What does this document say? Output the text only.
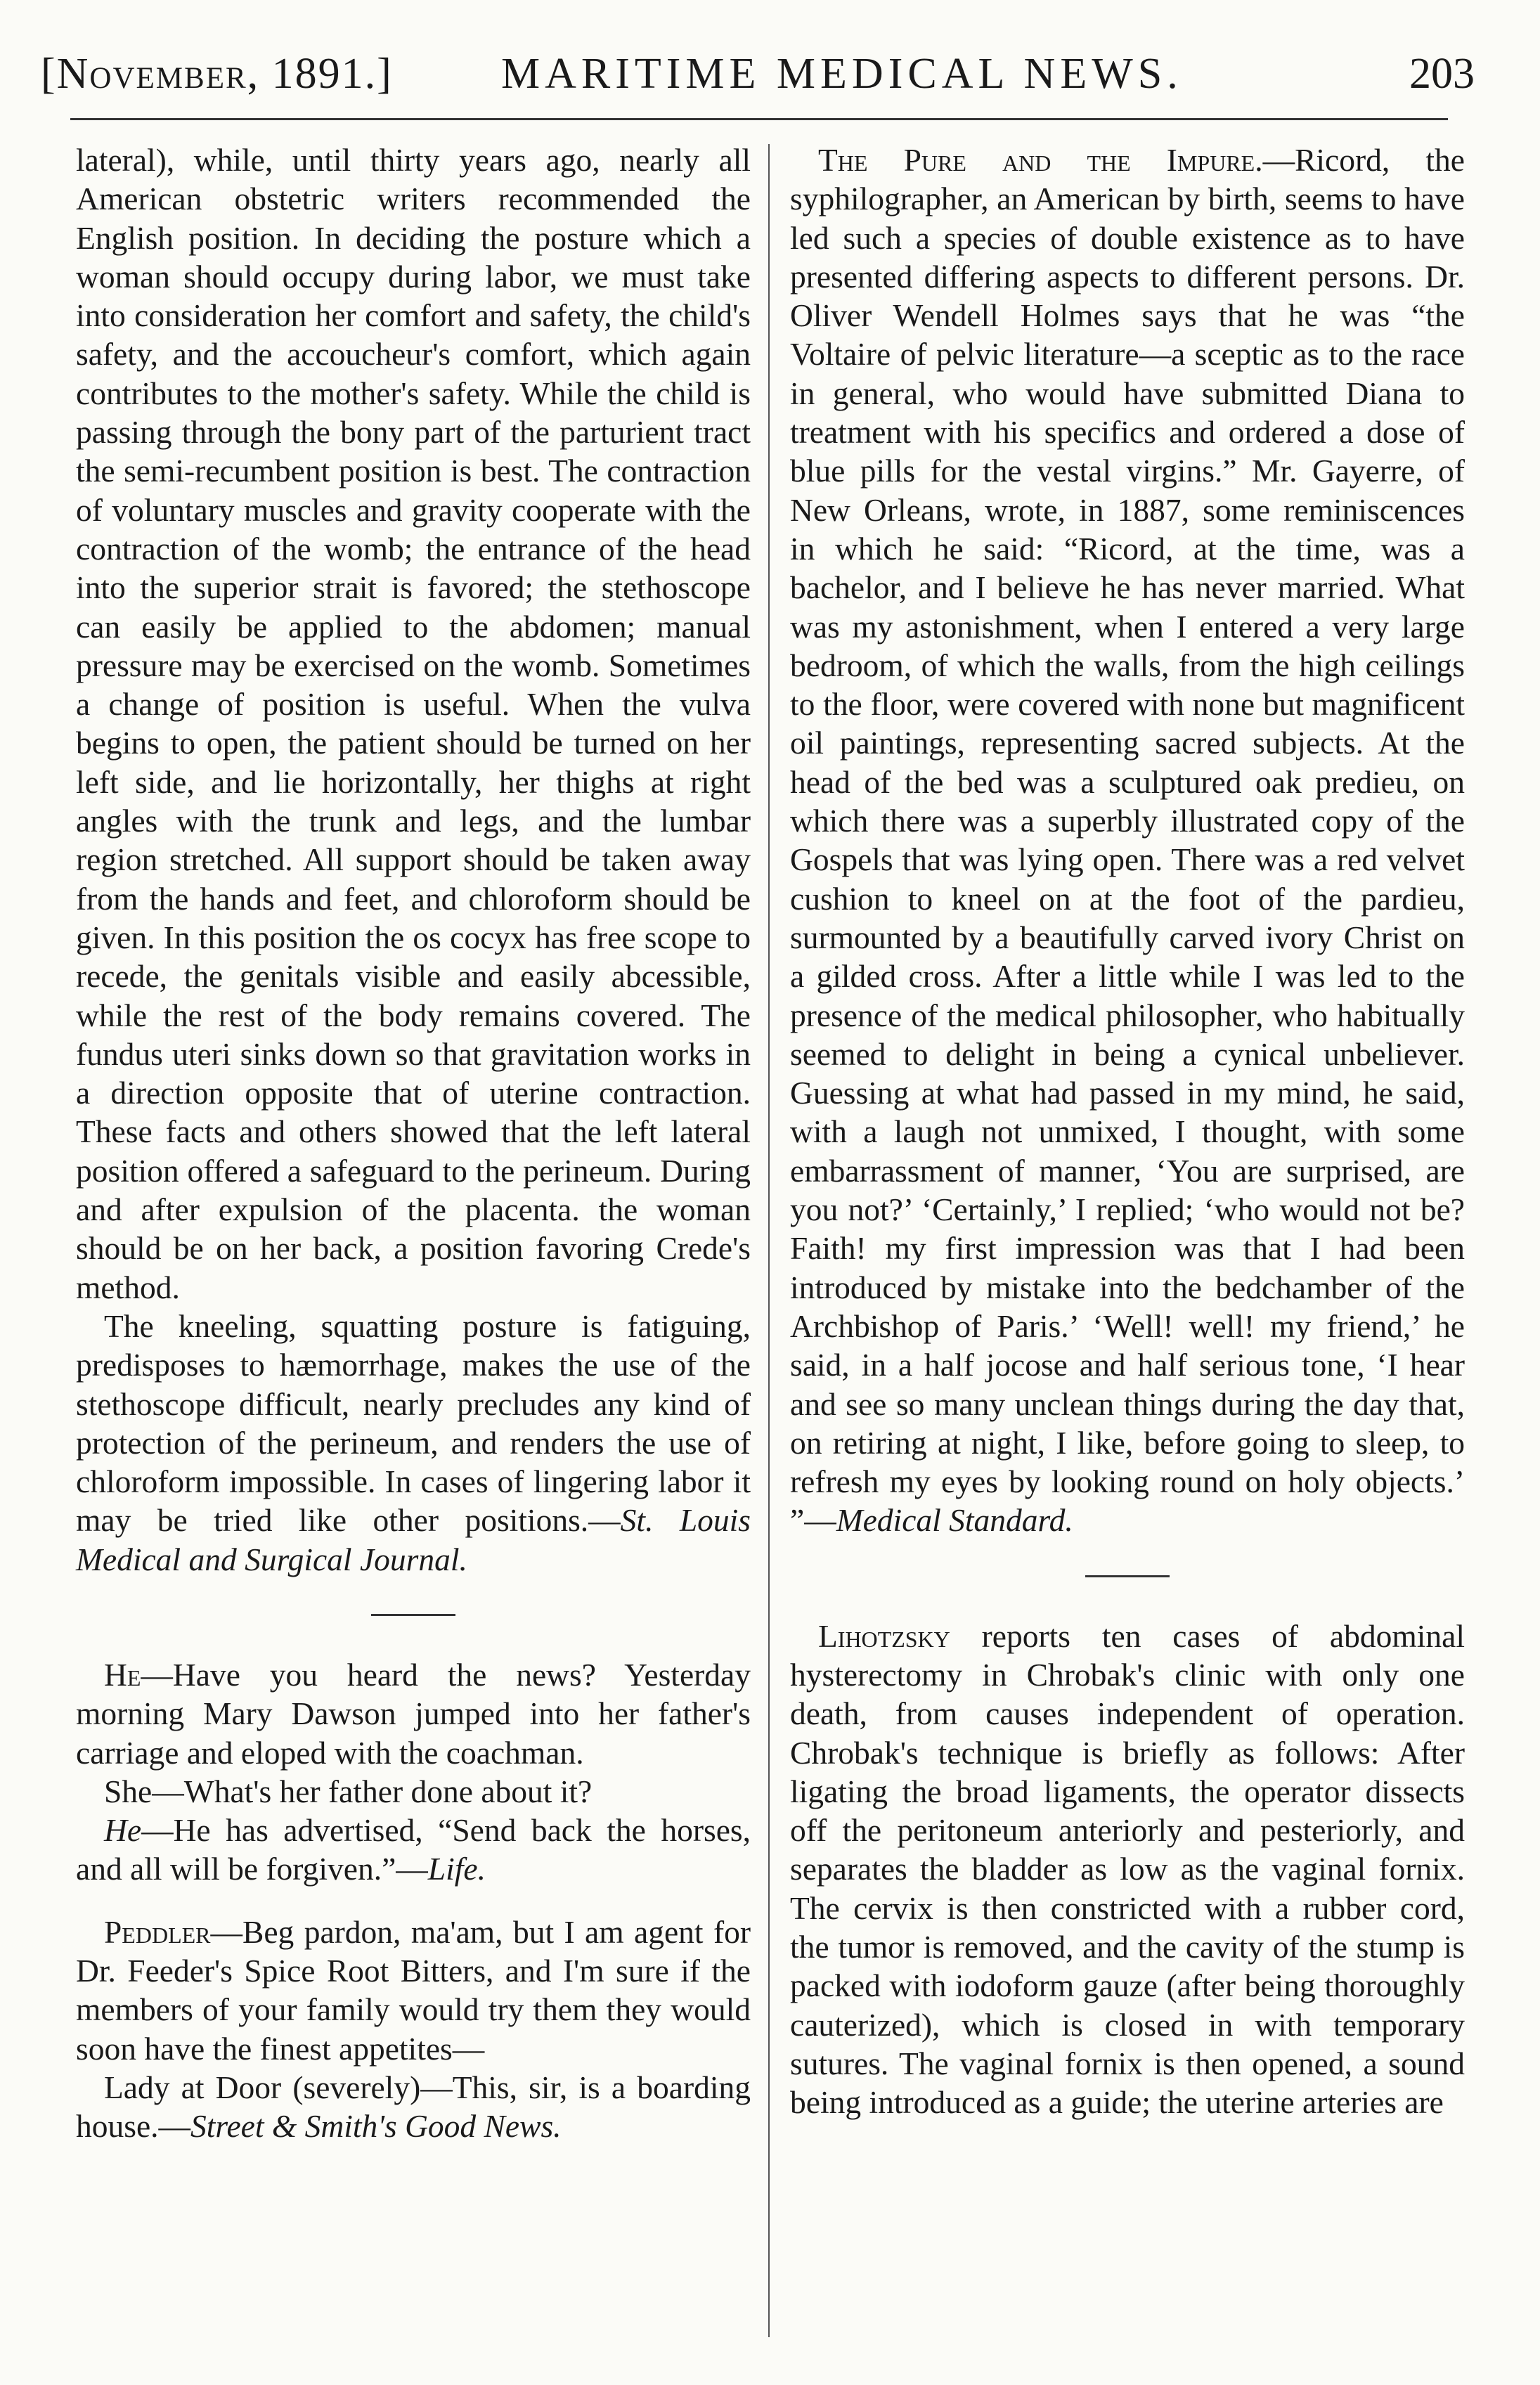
[November, 1891.] MARITIME MEDICAL NEWS.	203

lateral), while, until thirty years ago, nearly all American obstetric writers recommended the English position. In deciding the posture which a woman should occupy during labor, we must take into consideration her comfort and safety, the child's safety, and the accoucheur's comfort, which again contributes to the mother's safety. While the child is passing through the bony part of the parturient tract the semi-recumbent position is best. The contraction of voluntary muscles and gravity cooperate with the contraction of the womb; the entrance of the head into the superior strait is favored; the stethoscope can easily be applied to the abdomen; manual pressure may be exercised on the womb. Sometimes a change of position is useful. When the vulva begins to open, the patient should be turned on her left side, and lie horizontally, her thighs at right angles with the trunk and legs, and the lumbar region stretched. All support should be taken away from the hands and feet, and chloroform should be given. In this position the os cocyx has free scope to recede, the genitals visible and easily abcessible, while the rest of the body remains covered. The fundus uteri sinks down so that gravitation works in a direction opposite that of uterine contraction. These facts and others showed that the left lateral position offered a safeguard to the perineum. During and after expulsion of the placenta. the woman should be on her back, a position favoring Crede's method.

The kneeling, squatting posture is fatiguing, predisposes to hæmorrhage, makes the use of the stethoscope difficult, nearly precludes any kind of protection of the perineum, and renders the use of chloroform impossible. In cases of lingering labor it may be tried like other positions.—St. Louis Medical and Surgical Journal.

He—Have you heard the news? Yesterday morning Mary Dawson jumped into her father's carriage and eloped with the coachman.

She—What's her father done about it?

He—He has advertised, “Send back the horses, and all will be forgiven.”—Life.

Peddler—Beg pardon, ma'am, but I am agent for Dr. Feeder's Spice Root Bitters, and I'm sure if the members of your family would try them they would soon have the finest appetites—

Lady at Door (severely)—This, sir, is a boarding house.—Street & Smith's Good News.

The Pure and the Impure.—Ricord, the syphilographer, an American by birth, seems to have led such a species of double existence as to have presented differing aspects to different persons. Dr. Oliver Wendell Holmes says that he was “the Voltaire of pelvic literature—a sceptic as to the race in general, who would have submitted Diana to treatment with his specifics and ordered a dose of blue pills for the vestal virgins.” Mr. Gayerre, of New Orleans, wrote, in 1887, some reminiscences in which he said: “Ricord, at the time, was a bachelor, and I believe he has never married. What was my astonishment, when I entered a very large bedroom, of which the walls, from the high ceilings to the floor, were covered with none but magnificent oil paintings, representing sacred subjects. At the head of the bed was a sculptured oak prediеu, on which there was a superbly illustrated copy of the Gospels that was lying open. There was a red velvet cushion to kneel on at the foot of the pardieu, surmounted by a beautifully carved ivory Christ on a gilded cross. After a little while I was led to the presence of the medical philosopher, who habitually seemed to delight in being a cynical unbeliever. Guessing at what had passed in my mind, he said, with a laugh not unmixed, I thought, with some embarrassment of manner, ‘You are surprised, are you not?’ ‘Certainly,’ I replied; ‘who would not be? Faith! my first impression was that I had been introduced by mistake into the bedchamber of the Archbishop of Paris.’ ‘Well! well! my friend,’ he said, in a half jocose and half serious tone, ‘I hear and see so many unclean things during the day that, on retiring at night, I like, before going to sleep, to refresh my eyes by looking round on holy objects.’ ”—Medical Standard.

Lihotzsky reports ten cases of abdominal hysterectomy in Chrobak's clinic with only one death, from causes independent of operation. Chrobak's technique is briefly as follows: After ligating the broad ligaments, the operator dissects off the peritoneum anteriorly and pesteriorly, and separates the bladder as low as the vaginal fornix. The cervix is then constricted with a rubber cord, the tumor is removed, and the cavity of the stump is packed with iodoform gauze (after being thoroughly cauterized), which is closed in with temporary sutures. The vaginal fornix is then opened, a sound being introduced as a guide; the uterine arteries are
